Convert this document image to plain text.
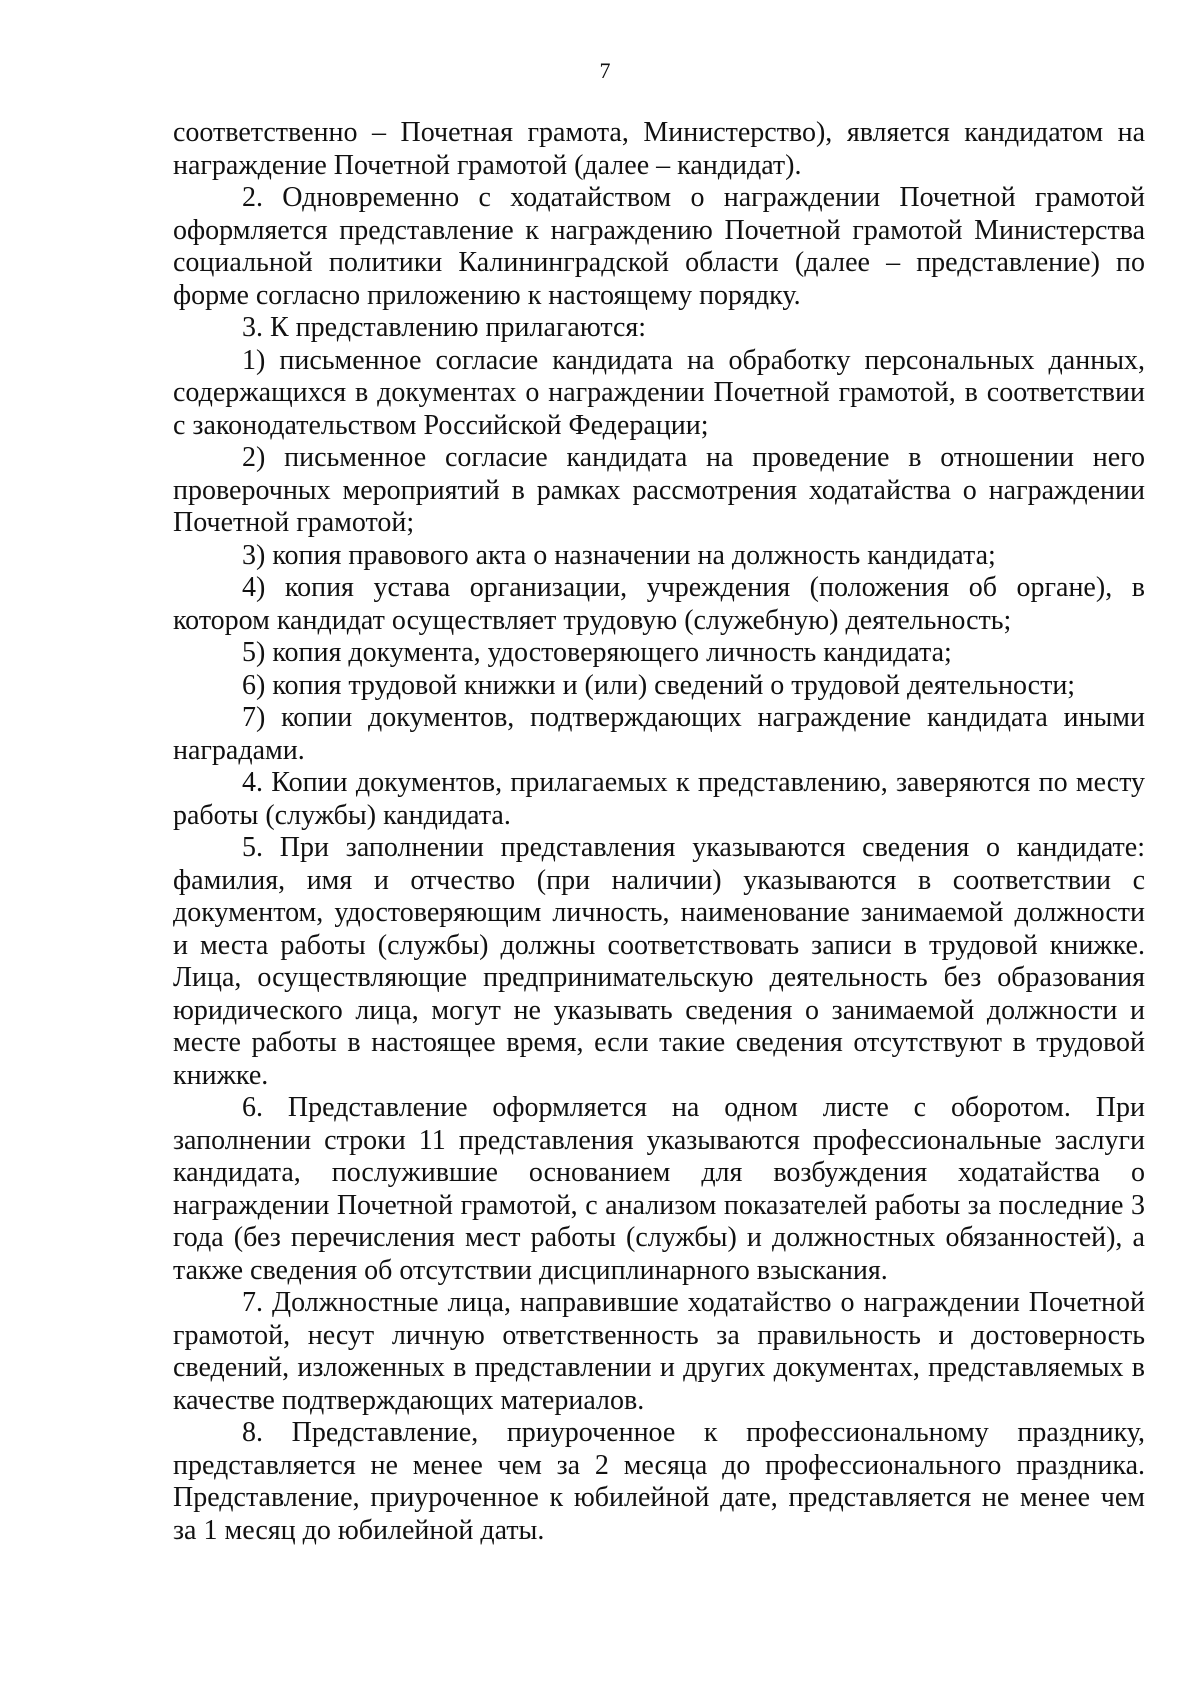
7

соответственно – Почетная грамота, Министерство), является кандидатом на награждение Почетной грамотой (далее – кандидат).

2. Одновременно с ходатайством о награждении Почетной грамотой оформляется представление к награждению Почетной грамотой Министерства социальной политики Калининградской области (далее – представление) по форме согласно приложению к настоящему порядку.

3. К представлению прилагаются:

1) письменное согласие кандидата на обработку персональных данных, содержащихся в документах о награждении Почетной грамотой, в соответствии с законодательством Российской Федерации;

2) письменное согласие кандидата на проведение в отношении него проверочных мероприятий в рамках рассмотрения ходатайства о награждении Почетной грамотой;

3) копия правового акта о назначении на должность кандидата;

4) копия устава организации, учреждения (положения об органе), в котором кандидат осуществляет трудовую (служебную) деятельность;

5) копия документа, удостоверяющего личность кандидата;

6) копия трудовой книжки и (или) сведений о трудовой деятельности;

7) копии документов, подтверждающих награждение кандидата иными наградами.

4. Копии документов, прилагаемых к представлению, заверяются по месту работы (службы) кандидата.

5. При заполнении представления указываются сведения о кандидате: фамилия, имя и отчество (при наличии) указываются в соответствии с документом, удостоверяющим личность, наименование занимаемой должности и места работы (службы) должны соответствовать записи в трудовой книжке. Лица, осуществляющие предпринимательскую деятельность без образования юридического лица, могут не указывать сведения о занимаемой должности и месте работы в настоящее время, если такие сведения отсутствуют в трудовой книжке.

6. Представление оформляется на одном листе с оборотом. При заполнении строки 11 представления указываются профессиональные заслуги кандидата, послужившие основанием для возбуждения ходатайства о награждении Почетной грамотой, с анализом показателей работы за последние 3 года (без перечисления мест работы (службы) и должностных обязанностей), а также сведения об отсутствии дисциплинарного взыскания.

7. Должностные лица, направившие ходатайство о награждении Почетной грамотой, несут личную ответственность за правильность и достоверность сведений, изложенных в представлении и других документах, представляемых в качестве подтверждающих материалов.

8. Представление, приуроченное к профессиональному празднику, представляется не менее чем за 2 месяца до профессионального праздника. Представление, приуроченное к юбилейной дате, представляется не менее чем за 1 месяц до юбилейной даты.
